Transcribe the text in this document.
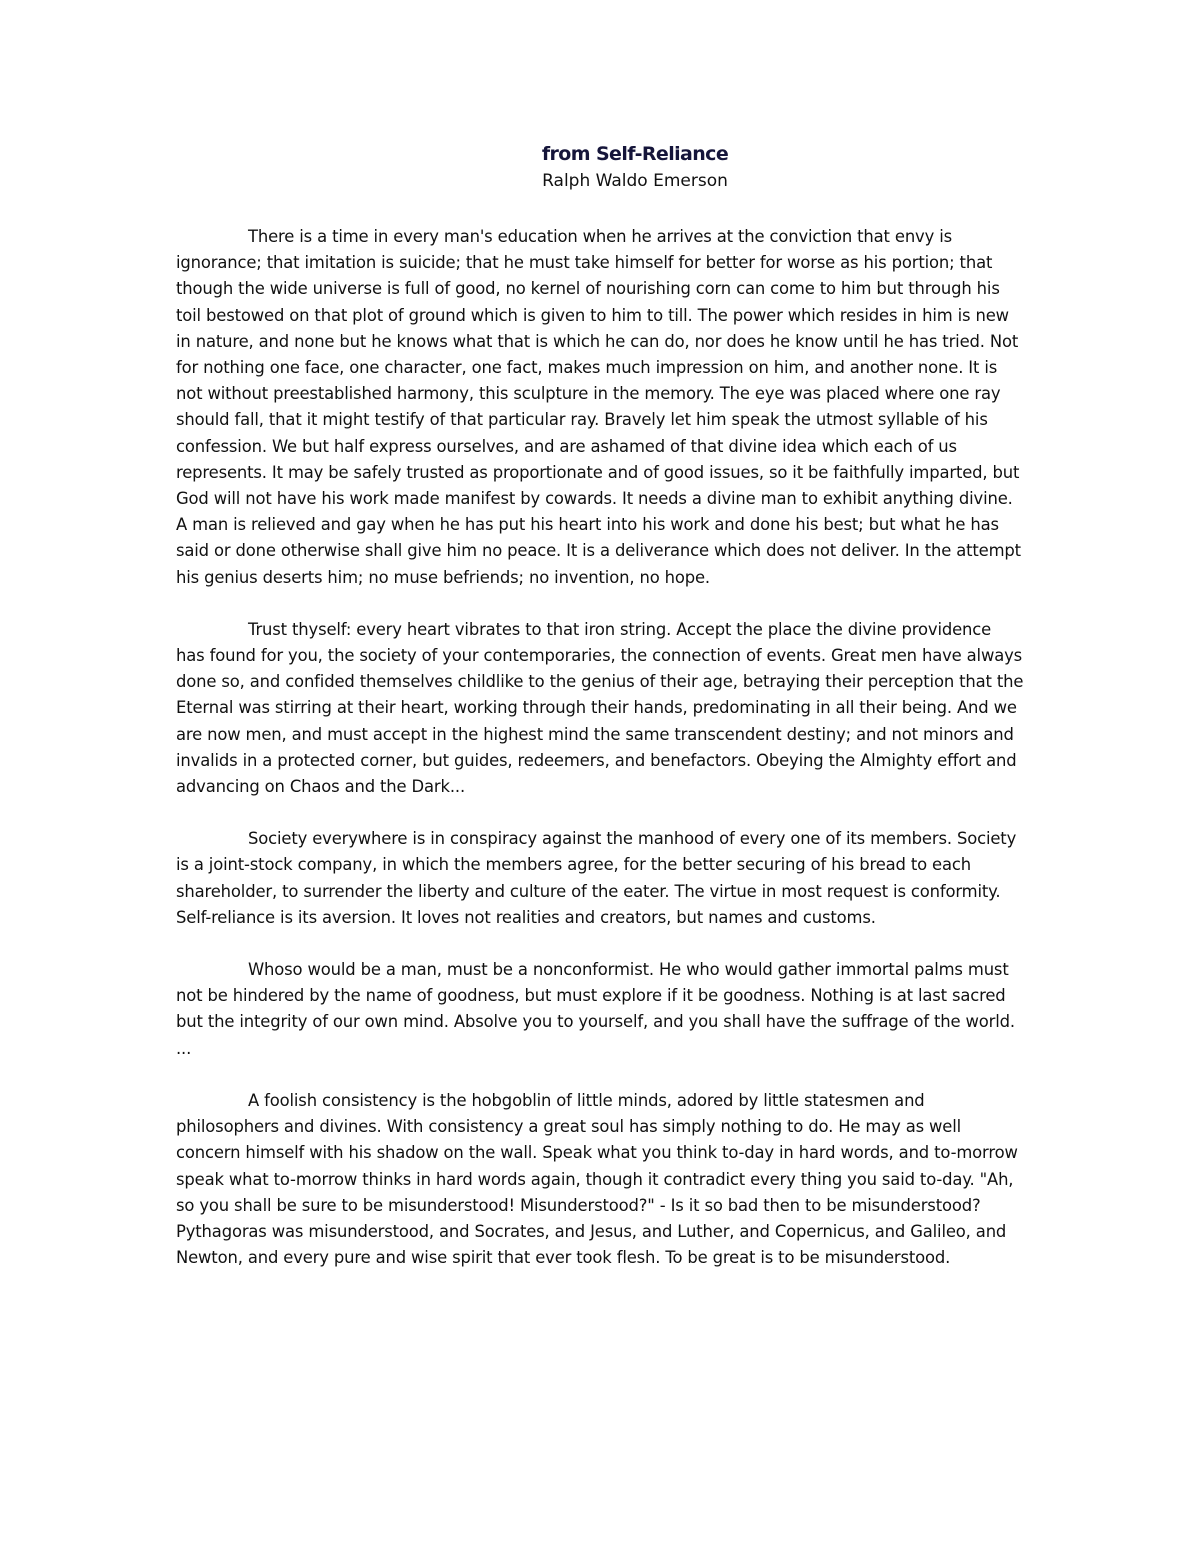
from Self-Reliance

Ralph Waldo Emerson

There is a time in every man's education when he arrives at the conviction that envy is ignorance; that imitation is suicide; that he must take himself for better for worse as his portion; that though the wide universe is full of good, no kernel of nourishing corn can come to him but through his toil bestowed on that plot of ground which is given to him to till. The power which resides in him is new in nature, and none but he knows what that is which he can do, nor does he know until he has tried. Not for nothing one face, one character, one fact, makes much impression on him, and another none. It is not without preestablished harmony, this sculpture in the memory. The eye was placed where one ray should fall, that it might testify of that particular ray. Bravely let him speak the utmost syllable of his confession. We but half express ourselves, and are ashamed of that divine idea which each of us represents. It may be safely trusted as proportionate and of good issues, so it be faithfully imparted, but God will not have his work made manifest by cowards. It needs a divine man to exhibit anything divine. A man is relieved and gay when he has put his heart into his work and done his best; but what he has said or done otherwise shall give him no peace. It is a deliverance which does not deliver. In the attempt his genius deserts him; no muse befriends; no invention, no hope.

Trust thyself: every heart vibrates to that iron string. Accept the place the divine providence has found for you, the society of your contemporaries, the connection of events. Great men have always done so, and confided themselves childlike to the genius of their age, betraying their perception that the Eternal was stirring at their heart, working through their hands, predominating in all their being. And we are now men, and must accept in the highest mind the same transcendent destiny; and not minors and invalids in a protected corner, but guides, redeemers, and benefactors. Obeying the Almighty effort and advancing on Chaos and the Dark...

Society everywhere is in conspiracy against the manhood of every one of its members. Society is a joint-stock company, in which the members agree, for the better securing of his bread to each shareholder, to surrender the liberty and culture of the eater. The virtue in most request is conformity. Self-reliance is its aversion. It loves not realities and creators, but names and customs.

Whoso would be a man, must be a nonconformist. He who would gather immortal palms must not be hindered by the name of goodness, but must explore if it be goodness. Nothing is at last sacred but the integrity of our own mind. Absolve you to yourself, and you shall have the suffrage of the world. ...

A foolish consistency is the hobgoblin of little minds, adored by little statesmen and philosophers and divines. With consistency a great soul has simply nothing to do. He may as well concern himself with his shadow on the wall. Speak what you think to-day in hard words, and to-morrow speak what to-morrow thinks in hard words again, though it contradict every thing you said to-day. "Ah, so you shall be sure to be misunderstood! Misunderstood?" - Is it so bad then to be misunderstood? Pythagoras was misunderstood, and Socrates, and Jesus, and Luther, and Copernicus, and Galileo, and Newton, and every pure and wise spirit that ever took flesh. To be great is to be misunderstood.
